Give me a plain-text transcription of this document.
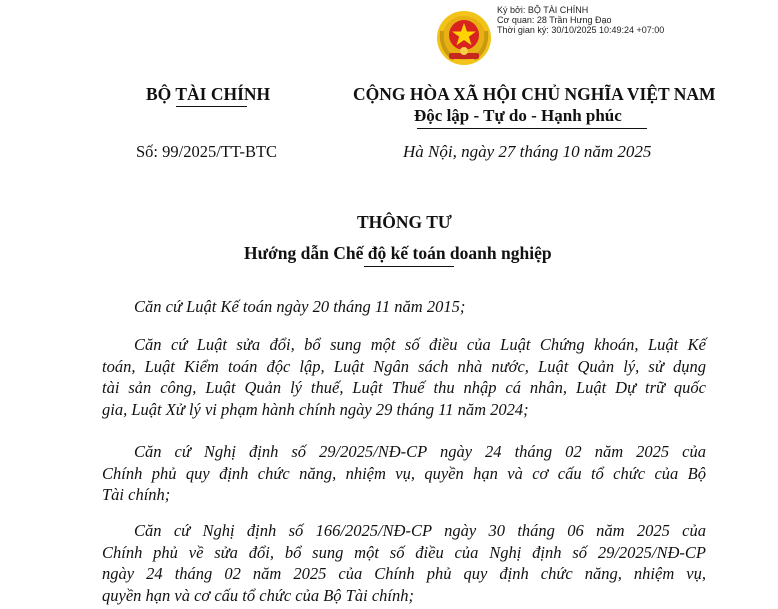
Ký bởi: BỘ TÀI CHÍNH
Cơ quan: 28 Trần Hưng Đạo
Thời gian ký: 30/10/2025 10:49:24 +07:00
BỘ TÀI CHÍNH	CỘNG HÒA XÃ HỘI CHỦ NGHĨA VIỆT NAM
Độc lập - Tự do - Hạnh phúc
Số: 99/2025/TT-BTC	Hà Nội, ngày 27 tháng 10 năm 2025
THÔNG TƯ
Hướng dẫn Chế độ kế toán doanh nghiệp
Căn cứ Luật Kế toán ngày 20 tháng 11 năm 2015;
Căn cứ Luật sửa đổi, bổ sung một số điều của Luật Chứng khoán, Luật Kế
toán, Luật Kiểm toán độc lập, Luật Ngân sách nhà nước, Luật Quản lý, sử dụng
tài sản công, Luật Quản lý thuế, Luật Thuế thu nhập cá nhân, Luật Dự trữ quốc
gia, Luật Xử lý vi phạm hành chính ngày 29 tháng 11 năm 2024;
Căn cứ Nghị định số 29/2025/NĐ-CP ngày 24 tháng 02 năm 2025 của
Chính phủ quy định chức năng, nhiệm vụ, quyền hạn và cơ cấu tổ chức của Bộ
Tài chính;
Căn cứ Nghị định số 166/2025/NĐ-CP ngày 30 tháng 06 năm 2025 của
Chính phủ về sửa đổi, bổ sung một số điều của Nghị định số 29/2025/NĐ-CP
ngày 24 tháng 02 năm 2025 của Chính phủ quy định chức năng, nhiệm vụ,
quyền hạn và cơ cấu tổ chức của Bộ Tài chính;
